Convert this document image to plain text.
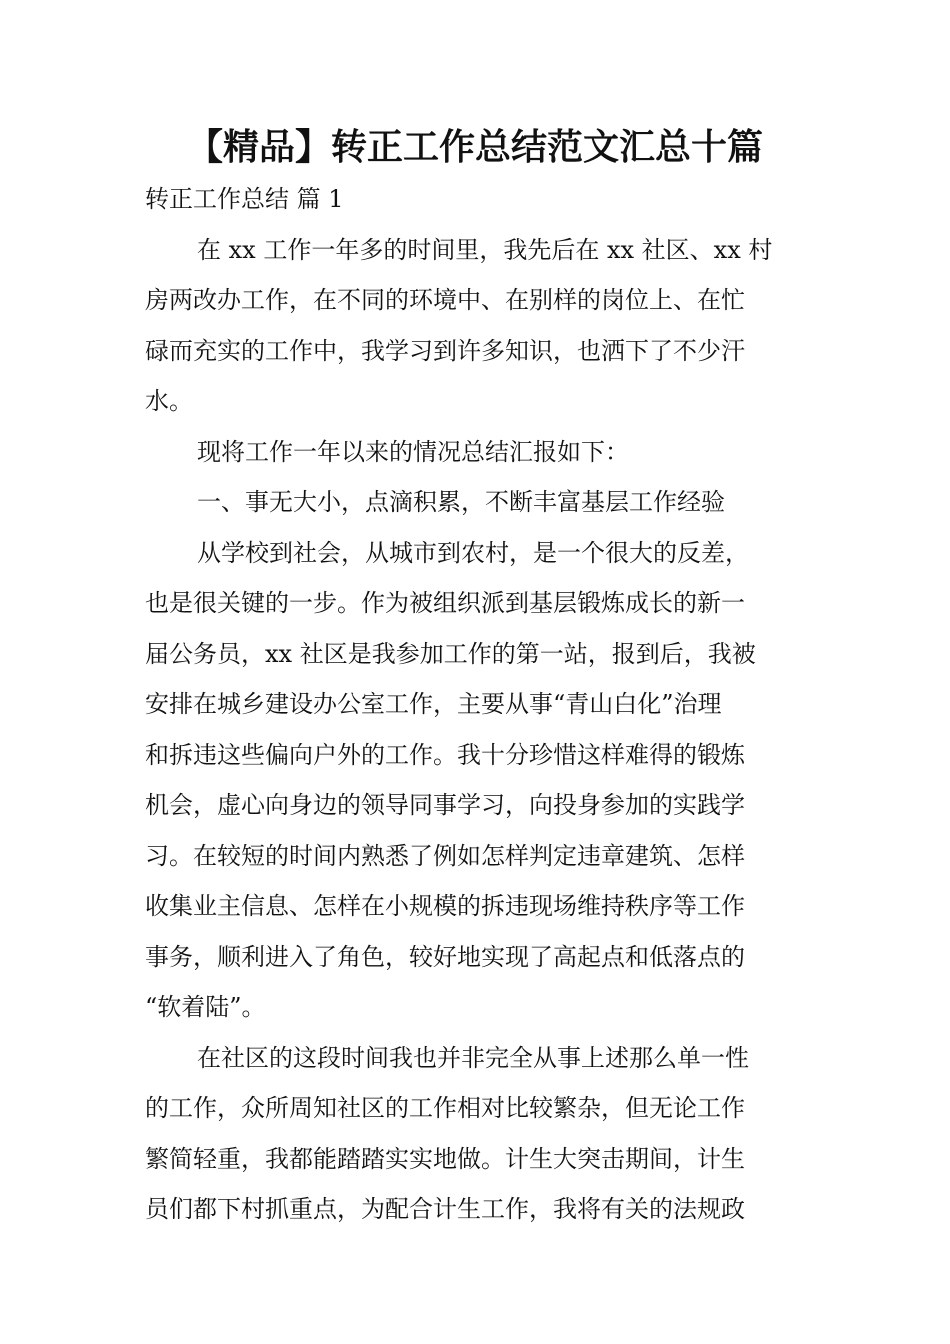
【精品】转正工作总结范文汇总十篇
转正工作总结 篇 1
在 xx 工作一年多的时间里，我先后在 xx 社区、xx 村
房两改办工作，在不同的环境中、在别样的岗位上、在忙
碌而充实的工作中，我学习到许多知识，也洒下了不少汗
水。
现将工作一年以来的情况总结汇报如下：
一、事无大小，点滴积累，不断丰富基层工作经验
从学校到社会，从城市到农村，是一个很大的反差，
也是很关键的一步。作为被组织派到基层锻炼成长的新一
届公务员，xx 社区是我参加工作的第一站，报到后，我被
安排在城乡建设办公室工作，主要从事“青山白化”治理
和拆违这些偏向户外的工作。我十分珍惜这样难得的锻炼
机会，虚心向身边的领导同事学习，向投身参加的实践学
习。在较短的时间内熟悉了例如怎样判定违章建筑、怎样
收集业主信息、怎样在小规模的拆违现场维持秩序等工作
事务，顺利进入了角色，较好地实现了高起点和低落点的
“软着陆”。
在社区的这段时间我也并非完全从事上述那么单一性
的工作，众所周知社区的工作相对比较繁杂，但无论工作
繁简轻重，我都能踏踏实实地做。计生大突击期间，计生
员们都下村抓重点，为配合计生工作，我将有关的法规政
